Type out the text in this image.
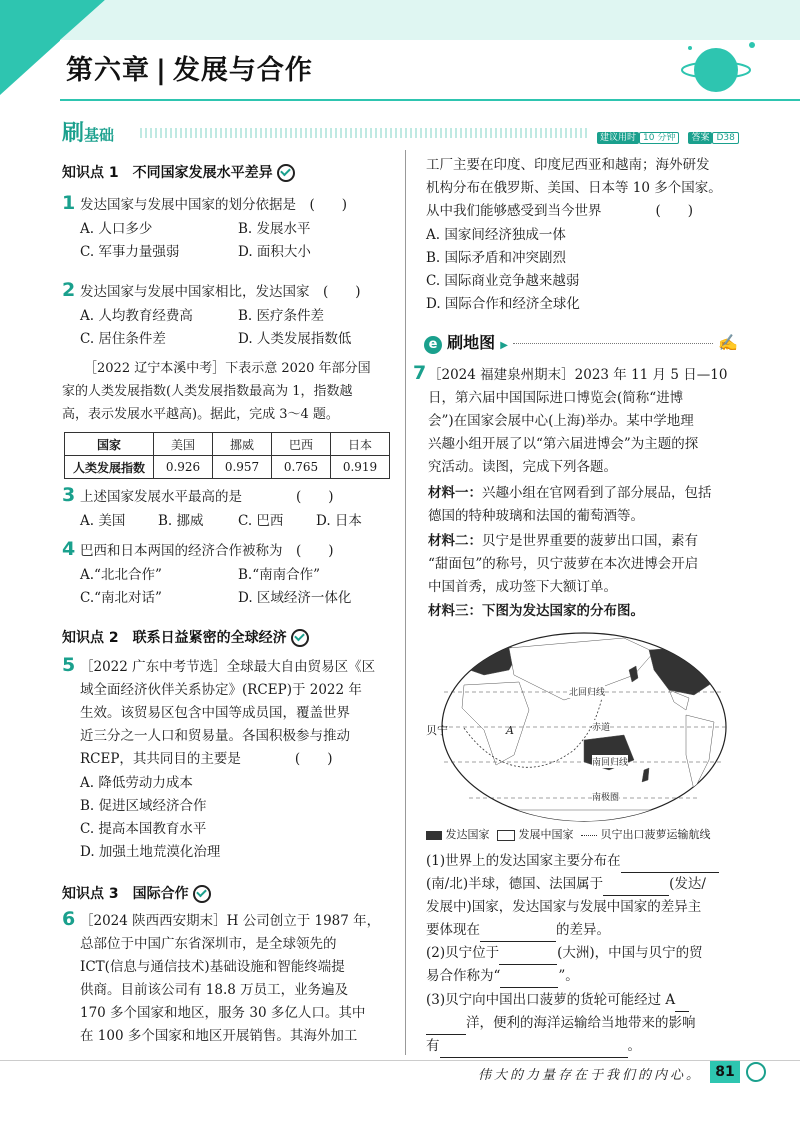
第六章 | 发展与合作
刷基础	建议用时 10 分钟 答案 D38
知识点 1　不同国家发展水平差异
1 发达国家与发展中国家的划分依据是　(　　)
A. 人口多少	B. 发展水平
C. 军事力量强弱	D. 面积大小
2 发达国家与发展中国家相比，发达国家　(　　)
A. 人均教育经费高	B. 医疗条件差
C. 居住条件差	D. 人类发展指数低
［2022 辽宁本溪中考］下表示意 2020 年部分国
家的人类发展指数(人类发展指数最高为 1，指数越
高，表示发展水平越高)。据此，完成 3～4 题。
国家	美国	挪威	巴西	日本
人类发展指数	0.926	0.957	0.765	0.919
3 上述国家发展水平最高的是　　　　(　　)
A. 美国 B. 挪威	C. 巴西 D. 日本
4 巴西和日本两国的经济合作被称为　(　　)
A.“北北合作”	B.“南南合作”
C.“南北对话”	D. 区域经济一体化
知识点 2　联系日益紧密的全球经济
5 ［2022 广东中考节选］全球最大自由贸易区《区
域全面经济伙伴关系协定》(RCEP)于 2022 年
生效。该贸易区包含中国等成员国，覆盖世界
近三分之一人口和贸易量。各国积极参与推动
RCEP，其共同目的主要是　　　　(　　)
A. 降低劳动力成本
B. 促进区域经济合作
C. 提高本国教育水平
D. 加强土地荒漠化治理
知识点 3　国际合作
6 ［2024 陕西西安期末］H 公司创立于 1987 年，
总部位于中国广东省深圳市，是全球领先的
ICT(信息与通信技术)基础设施和智能终端提
供商。目前该公司有 18.8 万员工，业务遍及
170 多个国家和地区，服务 30 多亿人口。其中
在 100 多个国家和地区开展销售。其海外加工
工厂主要在印度、印度尼西亚和越南；海外研发
机构分布在俄罗斯、美国、日本等 10 多个国家。
从中我们能够感受到当今世界　　　　(　　)
A. 国家间经济独成一体
B. 国际矛盾和冲突剧烈
C. 国际商业竞争越来越弱
D. 国际合作和经济全球化
e 刷地图 ▶	✍
7 ［2024 福建泉州期末］2023 年 11 月 5 日—10
日，第六届中国国际进口博览会(简称“进博
会”)在国家会展中心(上海)举办。某中学地理
兴趣小组开展了以“第六届进博会”为主题的探
究活动。读图，完成下列各题。
材料一：兴趣小组在官网看到了部分展品，包括
德国的特种玻璃和法国的葡萄酒等。
材料二：贝宁是世界重要的菠萝出口国，素有
“甜面包”的称号，贝宁菠萝在本次进博会开启
中国首秀，成功签下大额订单。
材料三：下图为发达国家的分布图。
北回归线
赤道
南回归线
南极圈
贝宁	A
发达国家	发展中国家 贝宁出口菠萝运输航线
(1)世界上的发达国家主要分布在
(南/北)半球，德国、法国属于	(发达/
发展中)国家，发达国家与发展中国家的差异主
要体现在	的差异。
(2)贝宁位于	(大洲)，中国与贝宁的贸
易合作称为“	”。
(3)贝宁向中国出口菠萝的货轮可能经过 A
洋，便利的海洋运输给当地带来的影响
有	。
伟大的力量存在于我们的内心。 81
